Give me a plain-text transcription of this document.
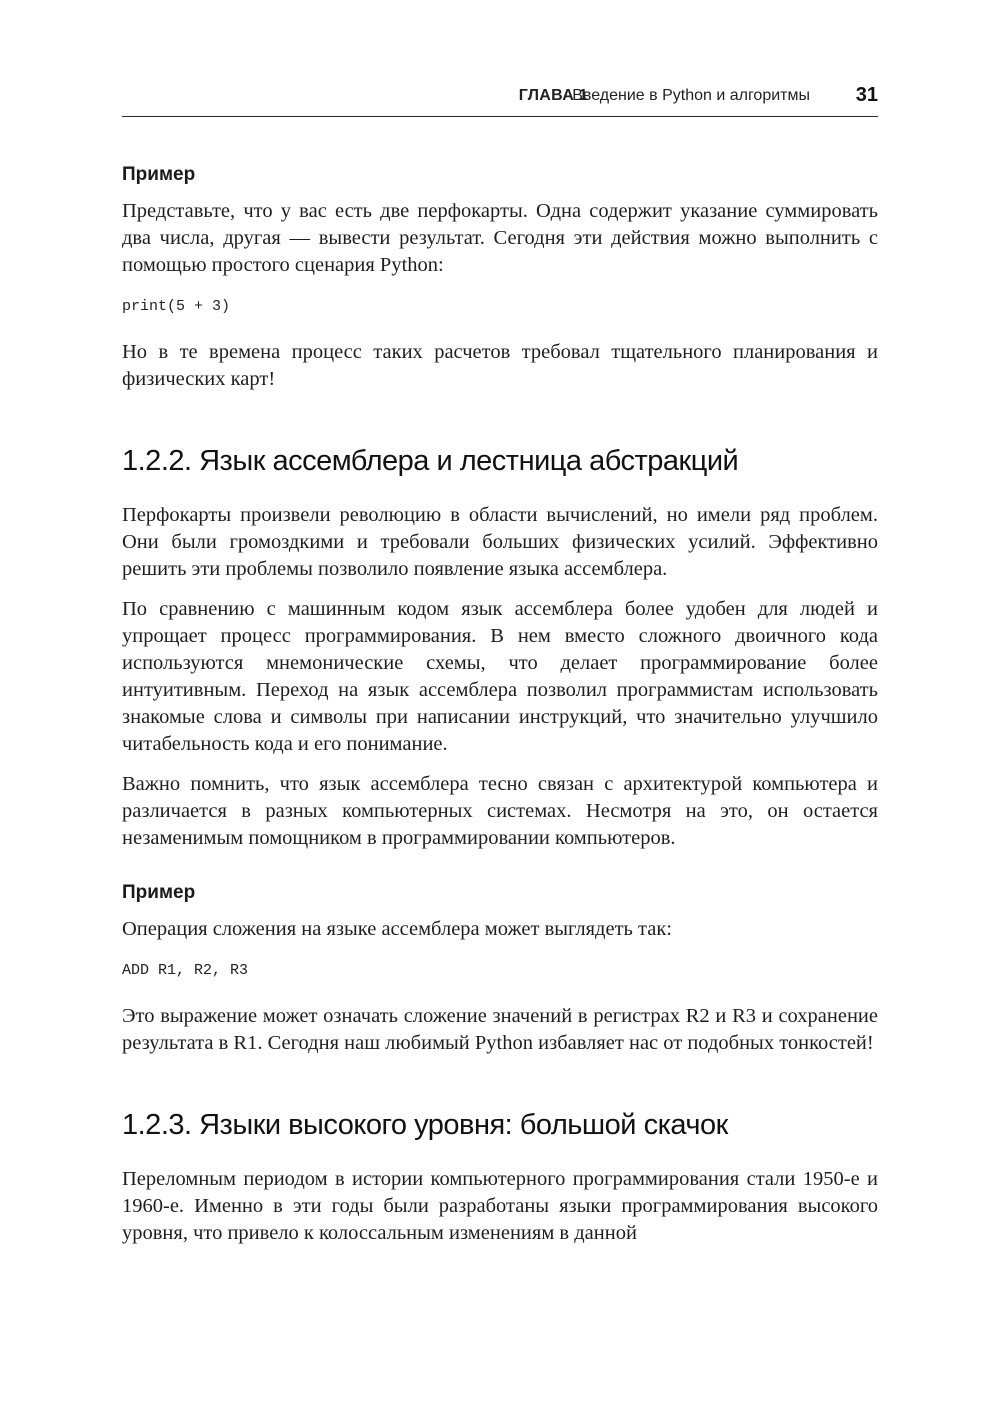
ГЛАВА 1
Введение в Python и алгоритмы 31
Пример

Представьте, что у вас есть две перфокарты. Одна содержит указание суммировать два числа, другая — вывести результат. Сегодня эти действия можно выполнить с помощью простого сценария Python:

print(5 + 3)

Но в те времена процесс таких расчетов требовал тщательного планирования и физических карт!

1.2.2. Язык ассемблера и лестница абстракций

Перфокарты произвели революцию в области вычислений, но имели ряд проблем. Они были громоздкими и требовали больших физических усилий. Эффективно решить эти проблемы позволило появление языка ассемблера.

По сравнению с машинным кодом язык ассемблера более удобен для людей и упрощает процесс программирования. В нем вместо сложного двоичного кода используются мнемонические схемы, что делает программирование более интуитивным. Переход на язык ассемблера позволил программистам использовать знакомые слова и символы при написании инструкций, что значительно улучшило читабельность кода и его понимание.

Важно помнить, что язык ассемблера тесно связан с архитектурой компьютера и различается в разных компьютерных системах. Несмотря на это, он остается незаменимым помощником в программировании компьютеров.

Пример

Операция сложения на языке ассемблера может выглядеть так:

ADD R1, R2, R3

Это выражение может означать сложение значений в регистрах R2 и R3 и сохранение результата в R1. Сегодня наш любимый Python избавляет нас от подобных тонкостей!

1.2.3. Языки высокого уровня: большой скачок

Переломным периодом в истории компьютерного программирования стали 1950-е и 1960-е. Именно в эти годы были разработаны языки программирования высокого уровня, что привело к колоссальным изменениям в данной
